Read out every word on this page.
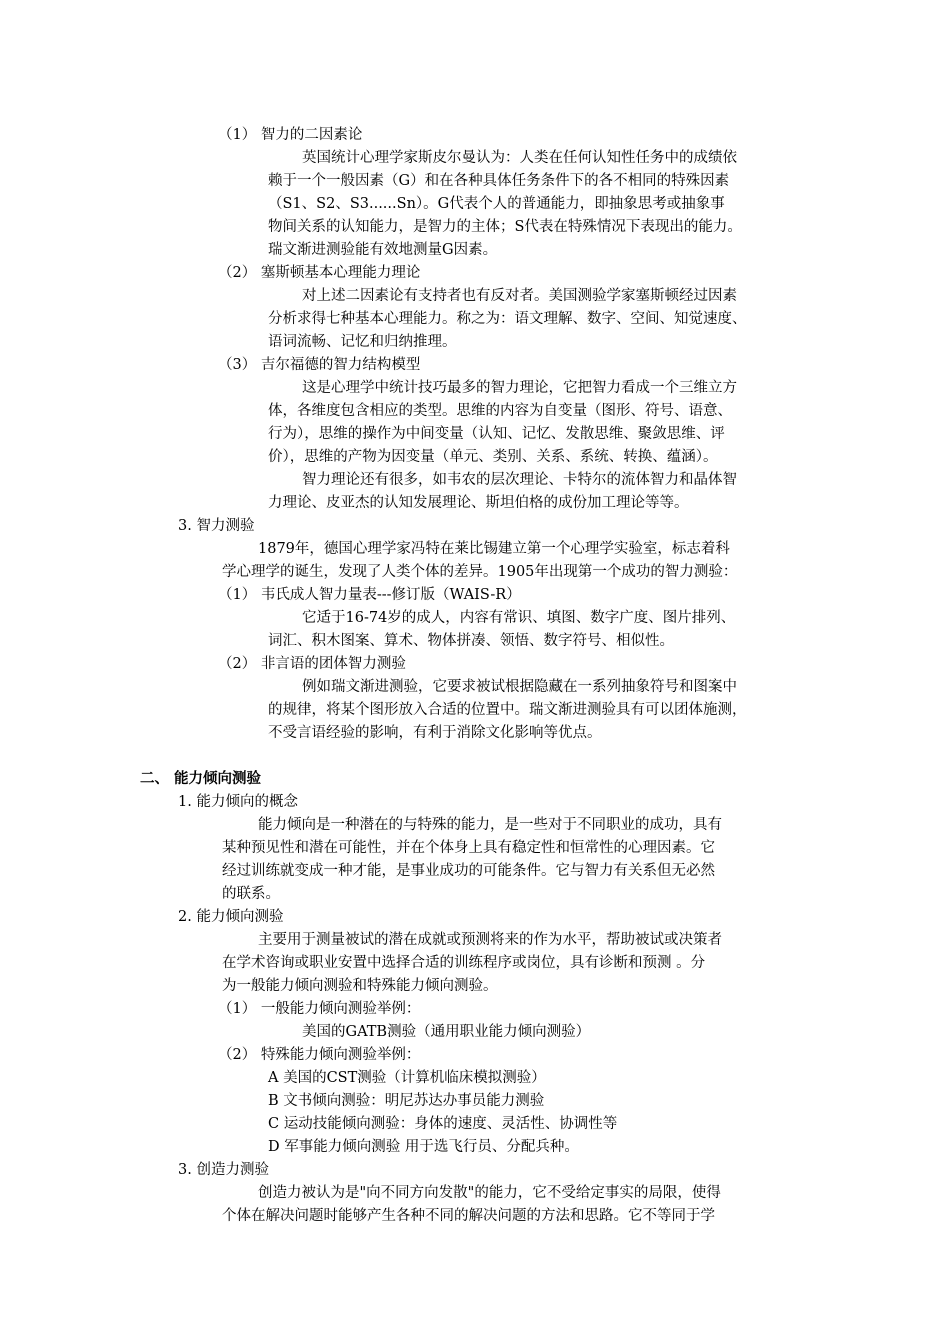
（1） 智力的二因素论
英国统计心理学家斯皮尔曼认为：人类在任何认知性任务中的成绩依
赖于一个一般因素（G）和在各种具体任务条件下的各不相同的特殊因素
（S1、S2、S3......Sn）。G代表个人的普通能力，即抽象思考或抽象事
物间关系的认知能力，是智力的主体；S代表在特殊情况下表现出的能力。
瑞文渐进测验能有效地测量G因素。
（2） 塞斯顿基本心理能力理论
对上述二因素论有支持者也有反对者。美国测验学家塞斯顿经过因素
分析求得七种基本心理能力。称之为：语文理解、数字、空间、知觉速度、
语词流畅、记忆和归纳推理。
（3） 吉尔福德的智力结构模型
这是心理学中统计技巧最多的智力理论，它把智力看成一个三维立方
体，各维度包含相应的类型。思维的内容为自变量（图形、符号、语意、
行为），思维的操作为中间变量（认知、记忆、发散思维、聚敛思维、评
价），思维的产物为因变量（单元、类别、关系、系统、转换、蕴涵）。
智力理论还有很多，如韦农的层次理论、卡特尔的流体智力和晶体智
力理论、皮亚杰的认知发展理论、斯坦伯格的成份加工理论等等。
3. 智力测验
1879年，德国心理学家冯特在莱比锡建立第一个心理学实验室，标志着科
学心理学的诞生，发现了人类个体的差异。1905年出现第一个成功的智力测验：
（1） 韦氏成人智力量表---修订版（WAIS-R）
它适于16-74岁的成人，内容有常识、填图、数字广度、图片排列、
词汇、积木图案、算术、物体拼凑、领悟、数字符号、相似性。
（2） 非言语的团体智力测验
例如瑞文渐进测验，它要求被试根据隐藏在一系列抽象符号和图案中
的规律，将某个图形放入合适的位置中。瑞文渐进测验具有可以团体施测，
不受言语经验的影响，有利于消除文化影响等优点。
二、 能力倾向测验
1. 能力倾向的概念
能力倾向是一种潜在的与特殊的能力，是一些对于不同职业的成功，具有
某种预见性和潜在可能性，并在个体身上具有稳定性和恒常性的心理因素。它
经过训练就变成一种才能，是事业成功的可能条件。它与智力有关系但无必然
的联系。
2. 能力倾向测验
主要用于测量被试的潜在成就或预测将来的作为水平，帮助被试或决策者
在学术咨询或职业安置中选择合适的训练程序或岗位，具有诊断和预测 。分
为一般能力倾向测验和特殊能力倾向测验。
（1） 一般能力倾向测验举例：
美国的GATB测验（通用职业能力倾向测验）
（2） 特殊能力倾向测验举例：
A 美国的CST测验（计算机临床模拟测验）
B 文书倾向测验：明尼苏达办事员能力测验
C 运动技能倾向测验：身体的速度、灵活性、协调性等
D 军事能力倾向测验 用于选飞行员、分配兵种。
3. 创造力测验
创造力被认为是"向不同方向发散"的能力，它不受给定事实的局限，使得
个体在解决问题时能够产生各种不同的解决问题的方法和思路。它不等同于学
